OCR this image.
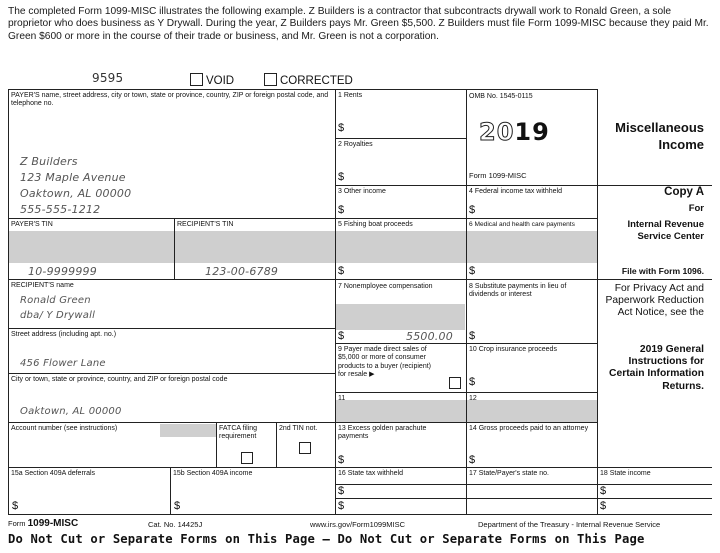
The completed Form 1099-MISC illustrates the following example. Z Builders is a contractor that subcontracts drywall work to Ronald Green, a sole proprietor who does business as Y Drywall. During the year, Z Builders pays Mr. Green $5,500. Z Builders must file Form 1099-MISC because they paid Mr. Green $600 or more in the course of their trade or business, and Mr. Green is not a corporation.
9595	VOID	CORRECTED
PAYER'S name, street address, city or town, state or province, country, ZIP or foreign postal code, and telephone no.
Z Builders
123 Maple Avenue
Oaktown, AL 00000
555-555-1212
PAYER'S TIN
10-9999999
RECIPIENT'S TIN
123-00-6789
RECIPIENT'S name
Ronald Green
dba/ Y Drywall
Street address (including apt. no.)
456 Flower Lane
City or town, state or province, country, and ZIP or foreign postal code
Oaktown, AL 00000
Account number (see instructions)	FATCA filing requirement
2nd TIN not.
15a Section 409A deferrals
$
15b Section 409A income
$
1 Rents
$
2 Royalties
$
3 Other income
$
5 Fishing boat proceeds
$
7 Nonemployee compensation
$	5500.00
9 Payer made direct sales of $5,000 or more of consumer products to a buyer (recipient) for resale ▶
11
13 Excess golden parachute payments
$
16 State tax withheld
$
$
OMB No. 1545-0115
2019
Form 1099-MISC
4 Federal income tax withheld
$
6 Medical and health care payments
$
8 Substitute payments in lieu of dividends or interest
$
10 Crop insurance proceeds
$
12
14 Gross proceeds paid to an attorney
$
17 State/Payer's state no.
Miscellaneous
Income
Copy A
For
Internal Revenue Service Center
File with Form 1096.
For Privacy Act and Paperwork Reduction Act Notice, see the
2019 General Instructions for Certain Information Returns.
18 State income
$
$
Form 1099-MISC	Cat. No. 14425J	www.irs.gov/Form1099MISC	Department of the Treasury - Internal Revenue Service
Do Not Cut or Separate Forms on This Page — Do Not Cut or Separate Forms on This Page
